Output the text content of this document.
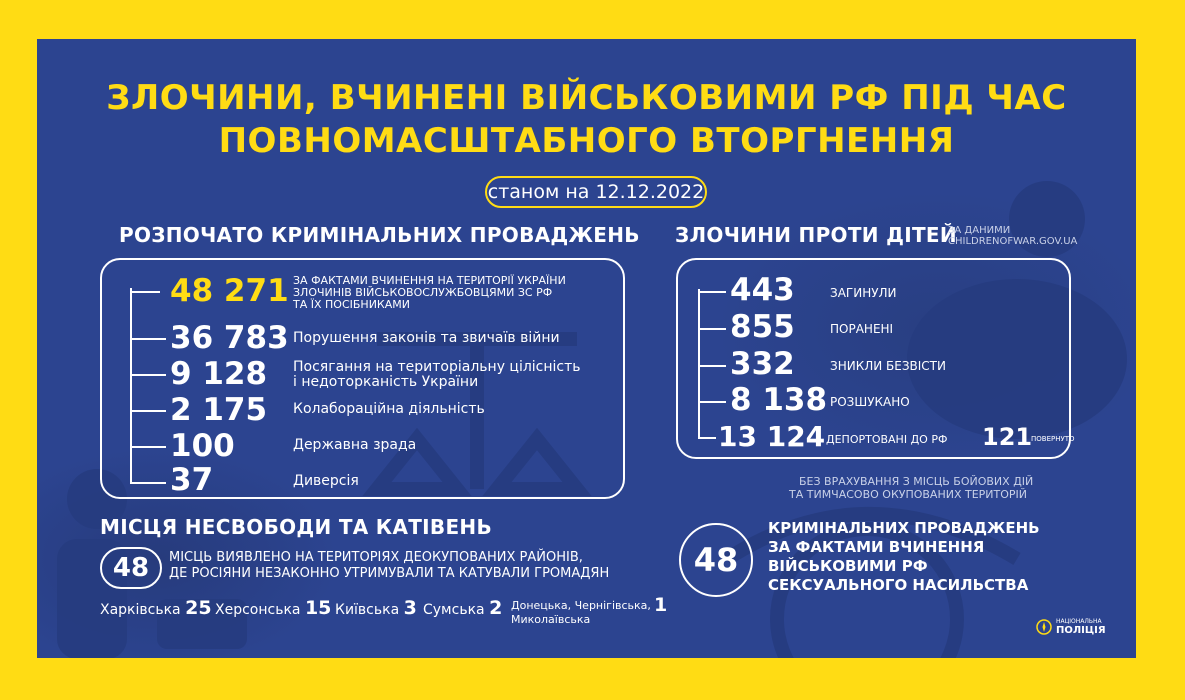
ЗЛОЧИНИ, ВЧИНЕНІ ВІЙСЬКОВИМИ РФ ПІД ЧАС
ПОВНОМАСШТАБНОГО ВТОРГНЕННЯ
станом на 12.12.2022
РОЗПОЧАТО КРИМІНАЛЬНИХ ПРОВАДЖЕНЬ
48 271 ЗА ФАКТАМИ ВЧИНЕННЯ НА ТЕРИТОРІЇ УКРАЇНИ
ЗЛОЧИНІВ ВІЙСЬКОВОСЛУЖБОВЦЯМИ ЗС РФ
ТА ЇХ ПОСІБНИКАМИ
36 783 Порушення законів та звичаїв війни
9 128 Посягання на територіальну цілісність
і недоторканість України
2 175 Колабораційна діяльність
100	Державна зрада
37	Диверсія
ЗЛОЧИНИ ПРОТИ ДІТЕЙ
ЗА ДАНИМИ
CHILDRENOFWAR.GOV.UA
443	ЗАГИНУЛИ
855	ПОРАНЕНІ
332	ЗНИКЛИ БЕЗВІСТИ
8 138 РОЗШУКАНО
13 124 ДЕПОРТОВАНІ ДО РФ 121
ПОВЕРНУТО
БЕЗ ВРАХУВАННЯ З МІСЦЬ БОЙОВИХ ДІЙ
ТА ТИМЧАСОВО ОКУПОВАНИХ ТЕРИТОРІЙ
МІСЦЯ НЕСВОБОДИ ТА КАТІВЕНЬ
48	МІСЦЬ ВИЯВЛЕНО НА ТЕРИТОРІЯХ ДЕОКУПОВАНИХ РАЙОНІВ,
ДЕ РОСІЯНИ НЕЗАКОННО УТРИМУВАЛИ ТА КАТУВАЛИ ГРОМАДЯН
Харківська 25 Херсонська 15 Київська 3 Сумська 2 Донецька, Чернігівська,
Миколаївська
1
48
КРИМІНАЛЬНИХ ПРОВАДЖЕНЬ
ЗА ФАКТАМИ ВЧИНЕННЯ
ВІЙСЬКОВИМИ РФ
СЕКСУАЛЬНОГО НАСИЛЬСТВА
НАЦІОНАЛЬНА
ПОЛІЦІЯ
